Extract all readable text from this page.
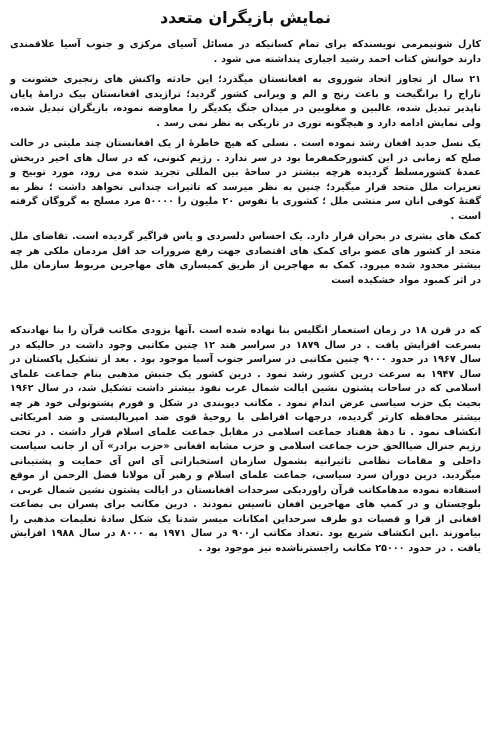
نمایش بازیگران متعدد

کارل شونیمرمی نویسندکه برای تمام کسانیکه در مسائل آسیای مرکزی و جنوب آسیا علاقمندی دارند خوانش کتاب احمد رشید اجباری پنداشته می شود .

۲۱ سال از تجاوز اتحاد شوروی به افغانستان میگذرد؛ این حادثه واکنش های زنجیری خشونت و تاراج را برانگیخت و باعث رنج و الم و ویرانی کشور گردید؛ تراژیدی افغانستان بیک درامهٔ پایان ناپذیر تبدیل شده، غالبین و مغلوبین در میدان جنگ یکدیگر را معاوضه نموده، بازیگران تبدیل شده، ولی نمایش ادامه دارد و هیچگونه نوری در تاریکی به نظر نمی رسد .

یک نسل جدید افغان رشد نموده است . نسلی که هیچ خاطرهٔ از یک افغانستان چند ملیتی در حالت صلح که زمانی در این کشورحکمفرما بود در سر ندارد . رژیم کنونی، که در سال های اخیر دربخش عمدهٔ کشورمسلط گردیده هرچه بیشتر در ساحهٔ بین المللی تجرید شده می رود، مورد توبیخ و تعزیرات ملل متحد قرار میگیرد؛ چنین به نظر میرسد که تاثیرات چندانی نخواهد داشت ؛ نظر به گفتهٔ کوفی انان سر منشی ملل ؛ کشوری با نفوس ۲۰ ملیون را ۵۰۰۰۰ مرد مسلح به گروگان گرفته است .

کمک های بشری در بحران قرار دارد. یک احساس دلسردی و یاس فراگیر گردیده است. تقاضای ملل متحد از کشور های عضو برای کمک های اقتصادی جهت رفع ضرورات حد اقل مردمان ملکی هر چه بیشتر محدود شده میرود. کمک به مهاجرین از طریق کمیساری های مهاجرین مربوط سازمان ملل در اثر کمبود مواد خشکیده است

که در قرن ۱۸ در زمان استعمار انگلیس بنا نهاده شده است .آنها بزودی مکاتب قرآن را بنا نهادندکه بسرعت افزایش یافت . در سال ۱۸۷۹ در سراسر هند ۱۲ چنین مکاتبی وجود داشت در حالیکه در سال ۱۹۶۷ در حدود ۹۰۰۰ چنین مکاتبی در سراسر جنوب آسیا موجود بود . بعد از تشکیل پاکستان در سال ۱۹۴۷ به سرعت درین کشور رشد نمود . درین کشور یک جنبش مذهبی بنام جماعت علمای اسلامی که در ساحات پشتون نشین ایالت شمال غرب نفوذ بیشتر داشت تشکیل شد، در سال ۱۹۶۲ بحیث یک حزب سیاسی عرض اندام نمود . مکاتب دیوبندی در شکل و فورم پشتونولی خود هر چه بیشتر محافظه کارتر گردیده، درجهات افراطی با روحیهٔ قوی ضد امپریالیستی و ضد امریکائی انکشاف نمود . تا دههٔ هفتاد جماعت اسلامی در مقابل جماعت علمای اسلام قرار داشت . در تحت رژیم جنرال ضیاالحق حزب جماعت اسلامی و حزب مشابه افغانی «حزب برادر» آن از جانب سیاست داخلی و مقامات نظامی تاثیرانیه بشمول سازمان استخباراتی آی اس آی حمایت و پشتیبانی میگردید. درین دوران سرد سیاسی، جماعت علمای اسلام و رهبر آن مولانا فضل الرحمن از موقع استفاده نموده مدهامکاتب قرآن راوردیکی سرحدات افغانستان در ایالت پشتون نشین شمال غربی ، بلوچستان و در کمپ های مهاجرین افغان تاسیس نمودند . درین مکاتب برای پسران بی بضاعت افغانی از قرا و قصبات دو طرف سرحداین امکانات میسر شدتا یک شکل سادهٔ تعلیمات مذهبی را بیاموزند .این انکشاف شریع بود .تعداد مکاتب از۹۰۰ در سال ۱۹۷۱ به ۸۰۰۰ در سال ۱۹۸۸ افزایش یافت . در حدود ۲۵۰۰۰ مکاتب راجسترناشده نیز موجود بود .
